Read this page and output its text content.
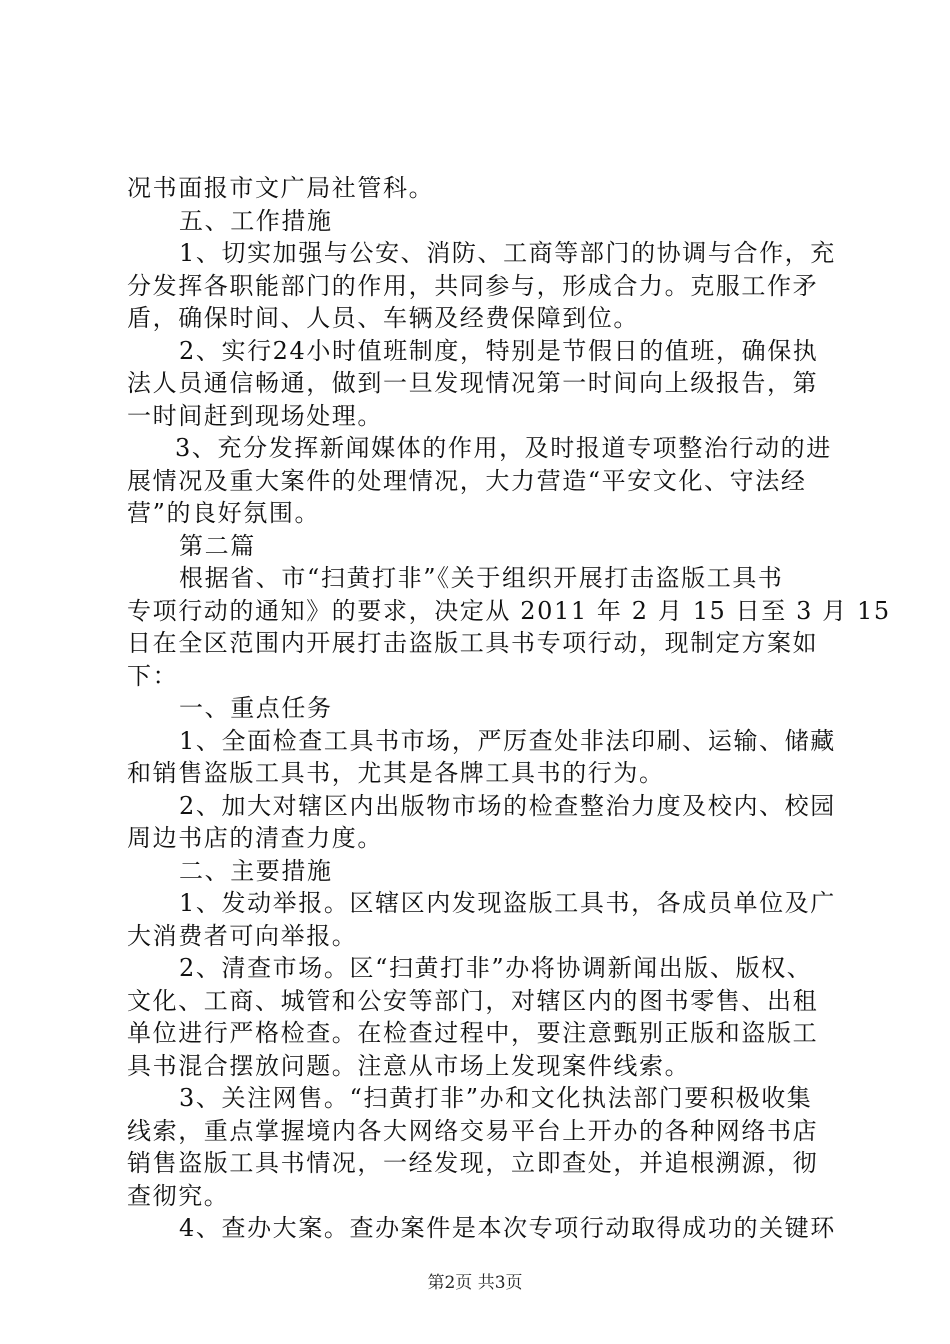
况书面报市文广局社管科。
五、工作措施
1、切实加强与公安、消防、工商等部门的协调与合作，充
分发挥各职能部门的作用，共同参与，形成合力。克服工作矛
盾，确保时间、人员、车辆及经费保障到位。
2、实行24小时值班制度，特别是节假日的值班，确保执
法人员通信畅通，做到一旦发现情况第一时间向上级报告，第
一时间赶到现场处理。
3、充分发挥新闻媒体的作用，及时报道专项整治行动的进
展情况及重大案件的处理情况，大力营造“平安文化、守法经
营”的良好氛围。
第二篇
根据省、市“扫黄打非”《关于组织开展打击盗版工具书
专项行动的通知》的要求，决定从 2011 年 2 月 15 日至 3 月 15
日在全区范围内开展打击盗版工具书专项行动，现制定方案如
下：
一、重点任务
1、全面检查工具书市场，严厉查处非法印刷、运输、储藏
和销售盗版工具书，尤其是各牌工具书的行为。
2、加大对辖区内出版物市场的检查整治力度及校内、校园
周边书店的清查力度。
二、主要措施
1、发动举报。区辖区内发现盗版工具书，各成员单位及广
大消费者可向举报。
2、清查市场。区“扫黄打非”办将协调新闻出版、版权、
文化、工商、城管和公安等部门，对辖区内的图书零售、出租
单位进行严格检查。在检查过程中，要注意甄别正版和盗版工
具书混合摆放问题。注意从市场上发现案件线索。
3、关注网售。“扫黄打非”办和文化执法部门要积极收集
线索，重点掌握境内各大网络交易平台上开办的各种网络书店
销售盗版工具书情况，一经发现，立即查处，并追根溯源，彻
查彻究。
4、查办大案。查办案件是本次专项行动取得成功的关键环
第2页 共3页
